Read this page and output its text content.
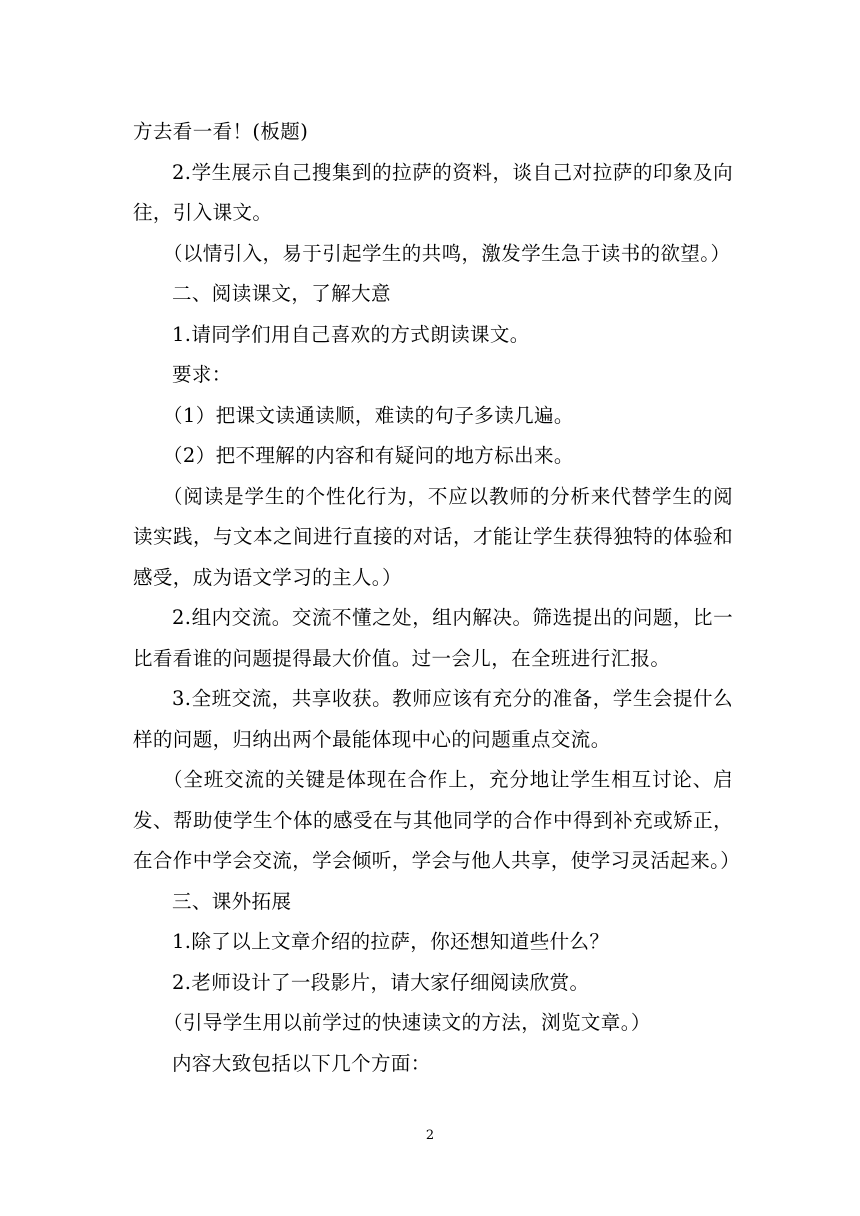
方去看一看！(板题)

2.学生展示自己搜集到的拉萨的资料，谈自己对拉萨的印象及向往，引入课文。

（以情引入，易于引起学生的共鸣，激发学生急于读书的欲望。）

二、阅读课文，了解大意

1.请同学们用自己喜欢的方式朗读课文。

要求：

（1）把课文读通读顺，难读的句子多读几遍。

（2）把不理解的内容和有疑问的地方标出来。

（阅读是学生的个性化行为，不应以教师的分析来代替学生的阅读实践，与文本之间进行直接的对话，才能让学生获得独特的体验和感受，成为语文学习的主人。）

2.组内交流。交流不懂之处，组内解决。筛选提出的问题，比一比看看谁的问题提得最大价值。过一会儿，在全班进行汇报。

3.全班交流，共享收获。教师应该有充分的准备，学生会提什么样的问题，归纳出两个最能体现中心的问题重点交流。

（全班交流的关键是体现在合作上，充分地让学生相互讨论、启发、帮助使学生个体的感受在与其他同学的合作中得到补充或矫正，在合作中学会交流，学会倾听，学会与他人共享，使学习灵活起来。）

三、课外拓展

1.除了以上文章介绍的拉萨，你还想知道些什么？

2.老师设计了一段影片，请大家仔细阅读欣赏。

（引导学生用以前学过的快速读文的方法，浏览文章。）

内容大致包括以下几个方面：

2
